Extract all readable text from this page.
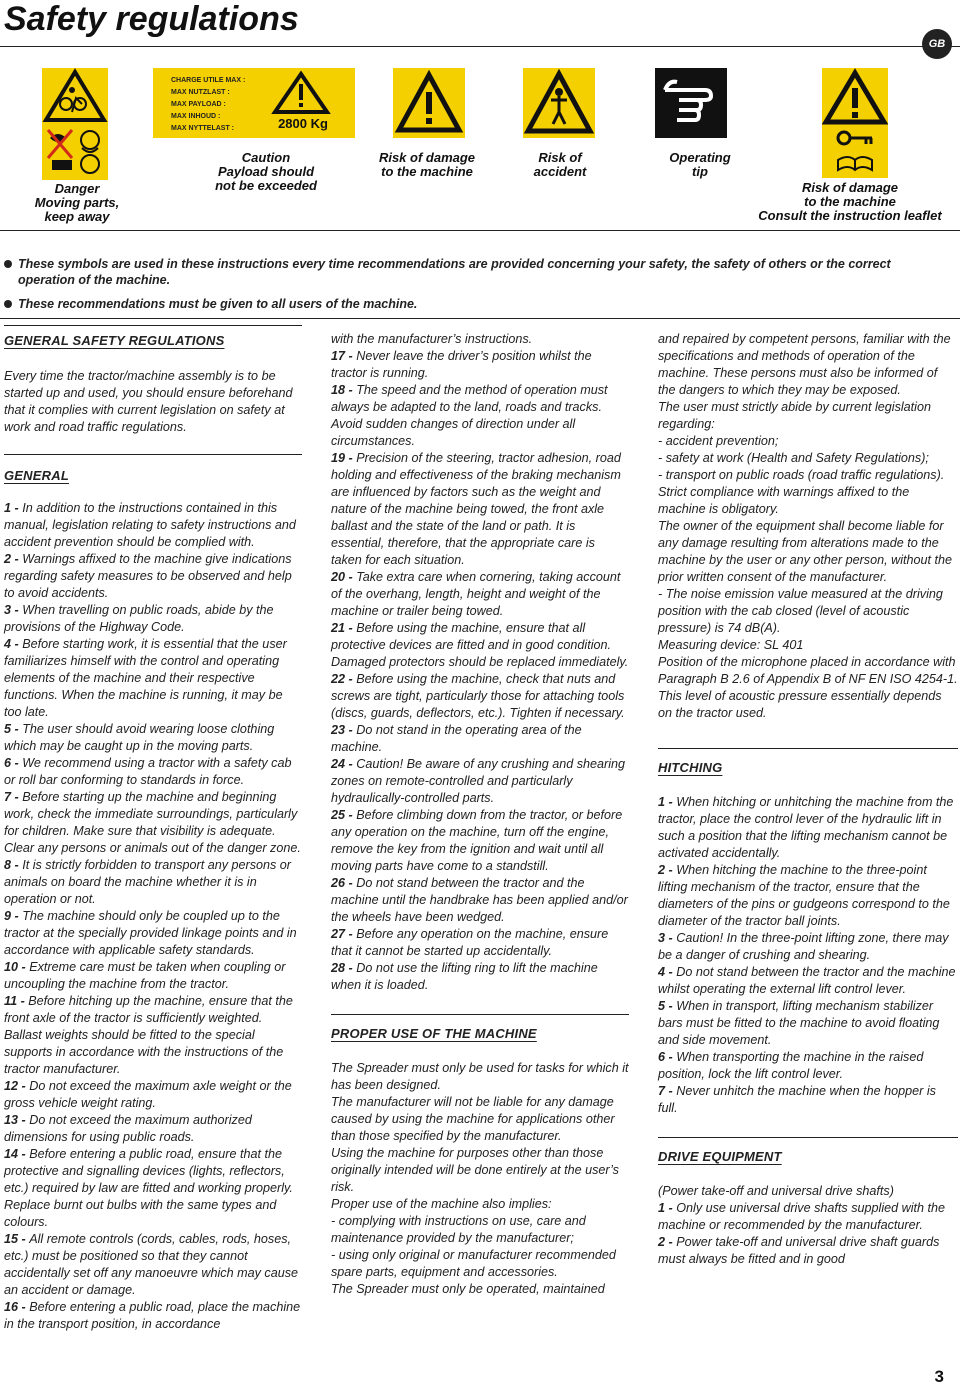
Safety regulations
GB
CHARGE UTILE MAX :
MAX NUTZLAST :
MAX PAYLOAD :
MAX INHOUD :
MAX NYTTELAST :	2800 Kg
Danger
Moving parts,
keep away
Caution
Payload should
not be exceeded
Risk of damage
to the machine
Risk of
accident
Operating
tip
Risk of damage
to the machine
Consult the instruction leaflet
These symbols are used in these instructions every time recommendations are provided concerning your safety, the safety of others or the correct operation of the machine.
These recommendations must be given to all users of the machine.

GENERAL SAFETY REGULATIONS

Every time the tractor/machine assembly is to be started up and used, you should ensure beforehand that it complies with current legislation on safety at work and road traffic regulations.

GENERAL

1 - In addition to the instructions contained in this manual, legislation relating to safety instructions and accident prevention should be complied with.

2 - Warnings affixed to the machine give indications regarding safety measures to be observed and help to avoid accidents.

3 - When travelling on public roads, abide by the provisions of the Highway Code.

4 - Before starting work, it is essential that the user familiarizes himself with the control and operating elements of the machine and their respective functions. When the machine is running, it may be too late.

5 - The user should avoid wearing loose clothing which may be caught up in the moving parts.

6 - We recommend using a tractor with a safety cab or roll bar conforming to standards in force.

7 - Before starting up the machine and beginning work, check the immediate surroundings, particularly for children. Make sure that visibility is adequate. Clear any persons or animals out of the danger zone.

8 - It is strictly forbidden to transport any persons or animals on board the machine whether it is in operation or not.

9 - The machine should only be coupled up to the tractor at the specially provided linkage points and in accordance with applicable safety standards.

10 - Extreme care must be taken when coupling or uncoupling the machine from the tractor.

11 - Before hitching up the machine, ensure that the front axle of the tractor is sufficiently weighted. Ballast weights should be fitted to the special supports in accordance with the instructions of the tractor manufacturer.

12 - Do not exceed the maximum axle weight or the gross vehicle weight rating.

13 - Do not exceed the maximum authorized dimensions for using public roads.

14 - Before entering a public road, ensure that the protective and signalling devices (lights, reflectors, etc.) required by law are fitted and working properly. Replace burnt out bulbs with the same types and colours.

15 - All remote controls (cords, cables, rods, hoses, etc.) must be positioned so that they cannot accidentally set off any manoeuvre which may cause an accident or damage.

16 - Before entering a public road, place the machine in the transport position, in accordance

with the manufacturer’s instructions.

17 - Never leave the driver’s position whilst the tractor is running.

18 - The speed and the method of operation must always be adapted to the land, roads and tracks. Avoid sudden changes of direction under all circumstances.

19 - Precision of the steering, tractor adhesion, road holding and effectiveness of the braking mechanism are influenced by factors such as the weight and nature of the machine being towed, the front axle ballast and the state of the land or path. It is essential, therefore, that the appropriate care is taken for each situation.

20 - Take extra care when cornering, taking account of the overhang, length, height and weight of the machine or trailer being towed.

21 - Before using the machine, ensure that all protective devices are fitted and in good condition. Damaged protectors should be replaced immediately.

22 - Before using the machine, check that nuts and screws are tight, particularly those for attaching tools (discs, guards, deflectors, etc.). Tighten if necessary.

23 - Do not stand in the operating area of the machine.

24 - Caution! Be aware of any crushing and shearing zones on remote-controlled and particularly hydraulically-controlled parts.

25 - Before climbing down from the tractor, or before any operation on the machine, turn off the engine, remove the key from the ignition and wait until all moving parts have come to a standstill.

26 - Do not stand between the tractor and the machine until the handbrake has been applied and/or the wheels have been wedged.

27 - Before any operation on the machine, ensure that it cannot be started up accidentally.

28 - Do not use the lifting ring to lift the machine when it is loaded.

PROPER USE OF THE MACHINE

The Spreader must only be used for tasks for which it has been designed.

The manufacturer will not be liable for any damage caused by using the machine for applications other than those specified by the manufacturer.

Using the machine for purposes other than those originally intended will be done entirely at the user’s risk.

Proper use of the machine also implies:

- complying with instructions on use, care and maintenance provided by the manufacturer;

- using only original or manufacturer recommended spare parts, equipment and accessories.

The Spreader must only be operated, maintained

and repaired by competent persons, familiar with the specifications and methods of operation of the machine. These persons must also be informed of the dangers to which they may be exposed.

The user must strictly abide by current legislation regarding:

- accident prevention;

- safety at work (Health and Safety Regulations);

- transport on public roads (road traffic regulations).

Strict compliance with warnings affixed to the machine is obligatory.

The owner of the equipment shall become liable for any damage resulting from alterations made to the machine by the user or any other person, without the prior written consent of the manufacturer.

- The noise emission value measured at the driving position with the cab closed (level of acoustic pressure) is 74 dB(A).

Measuring device: SL 401

Position of the microphone placed in accordance with Paragraph B 2.6 of Appendix B of NF EN ISO 4254-1.

This level of acoustic pressure essentially depends on the tractor used.

HITCHING

1 - When hitching or unhitching the machine from the tractor, place the control lever of the hydraulic lift in such a position that the lifting mechanism cannot be activated accidentally.

2 - When hitching the machine to the three-point lifting mechanism of the tractor, ensure that the diameters of the pins or gudgeons correspond to the diameter of the tractor ball joints.

3 - Caution! In the three-point lifting zone, there may be a danger of crushing and shearing.

4 - Do not stand between the tractor and the machine whilst operating the external lift control lever.

5 - When in transport, lifting mechanism stabilizer bars must be fitted to the machine to avoid floating and side movement.

6 - When transporting the machine in the raised position, lock the lift control lever.

7 - Never unhitch the machine when the hopper is full.

DRIVE EQUIPMENT

(Power take-off and universal drive shafts)

1 - Only use universal drive shafts supplied with the machine or recommended by the manufacturer.

2 - Power take-off and universal drive shaft guards must always be fitted and in good

3
